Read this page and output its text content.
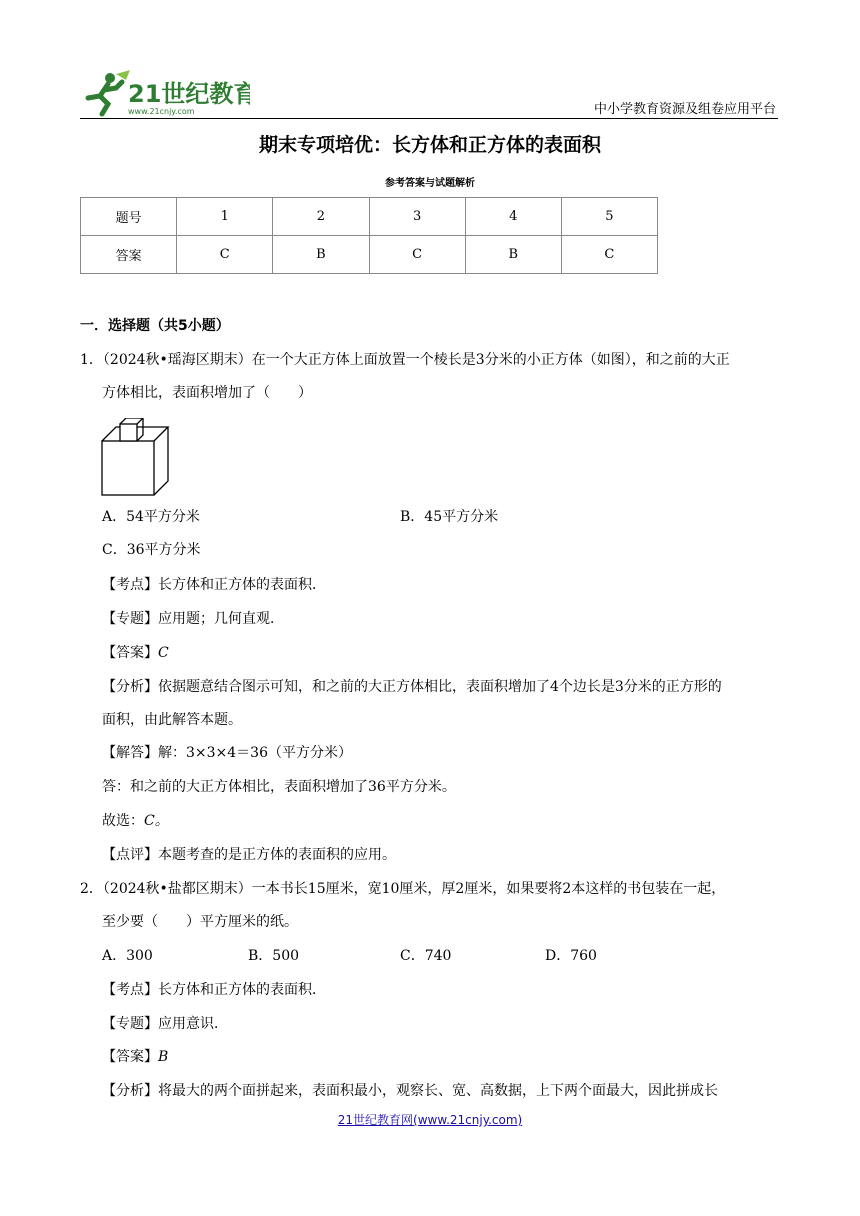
21世纪教育
www.21cnjy.com	中小学教育资源及组卷应用平台
期末专项培优：长方体和正方体的表面积
参考答案与试题解析
题号	1	2	3	4	5
答案	C	B	C	B	C
一．选择题（共5小题）
1．（2024秋•瑶海区期末）在一个大正方体上面放置一个棱长是3分米的小正方体（如图），和之前的大正
方体相比，表面积增加了（　　）
A．54平方分米	B．45平方分米
C．36平方分米
【考点】长方体和正方体的表面积．
【专题】应用题；几何直观．
【答案】C
【分析】依据题意结合图示可知，和之前的大正方体相比，表面积增加了4个边长是3分米的正方形的
面积，由此解答本题。
【解答】解：3×3×4＝36（平方分米）
答：和之前的大正方体相比，表面积增加了36平方分米。
故选：C。
【点评】本题考查的是正方体的表面积的应用。
2．（2024秋•盐都区期末）一本书长15厘米，宽10厘米，厚2厘米，如果要将2本这样的书包装在一起，
至少要（　　）平方厘米的纸。
A．300	B．500	C．740	D．760
【考点】长方体和正方体的表面积．
【专题】应用意识．
【答案】B
【分析】将最大的两个面拼起来，表面积最小，观察长、宽、高数据，上下两个面最大，因此拼成长
21世纪教育网(www.21cnjy.com)
